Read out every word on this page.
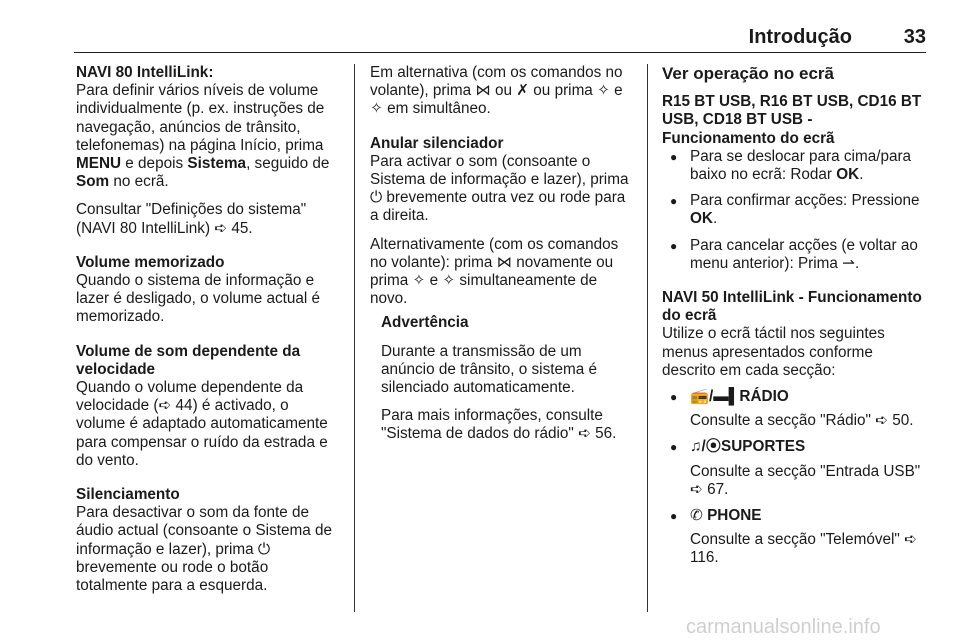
Introdução	33

NAVI 80 IntelliLink:

Para definir vários níveis de volume individualmente (p. ex. instruções de navegação, anúncios de trânsito, telefonemas) na página Início, prima MENU e depois Sistema, seguido de Som no ecrã.

Consultar "Definições do sistema" (NAVI 80 IntelliLink) ➪ 45.

Volume memorizado

Quando o sistema de informação e lazer é desligado, o volume actual é memorizado.

Volume de som dependente da velocidade

Quando o volume dependente da velocidade (➪ 44) é activado, o volume é adaptado automaticamente para compensar o ruído da estrada e do vento.

Silenciamento

Para desactivar o som da fonte de áudio actual (consoante o Sistema de informação e lazer), prima ⏻ brevemente ou rode o botão totalmente para a esquerda.

Em alternativa (com os comandos no volante), prima ⋈ ou ✗ ou prima ✧ e ✧ em simultâneo.

Anular silenciador

Para activar o som (consoante o Sistema de informação e lazer), prima ⏻ brevemente outra vez ou rode para a direita.

Alternativamente (com os comandos no volante): prima ⋈ novamente ou prima ✧ e ✧ simultaneamente de novo.

Advertência

Durante a transmissão de um anúncio de trânsito, o sistema é silenciado automaticamente.

Para mais informações, consulte "Sistema de dados do rádio" ➪ 56.

Ver operação no ecrã

R15 BT USB, R16 BT USB, CD16 BT USB, CD18 BT USB - Funcionamento do ecrã

● Para se deslocar para cima/para baixo no ecrã: Rodar OK.
● Para confirmar acções: Pressione OK.
● Para cancelar acções (e voltar ao menu anterior): Prima ⇀.

NAVI 50 IntelliLink - Funcionamento do ecrã

Utilize o ecrã táctil nos seguintes menus apresentados conforme descrito em cada secção:

● 📻/▬▌RÁDIO
Consulte a secção "Rádio" ➪ 50.
● ♫/⦿SUPORTES
Consulte a secção "Entrada USB" ➪ 67.
● ✆ PHONE
Consulte a secção "Telemóvel" ➪ 116.
carmanualsonline.info
